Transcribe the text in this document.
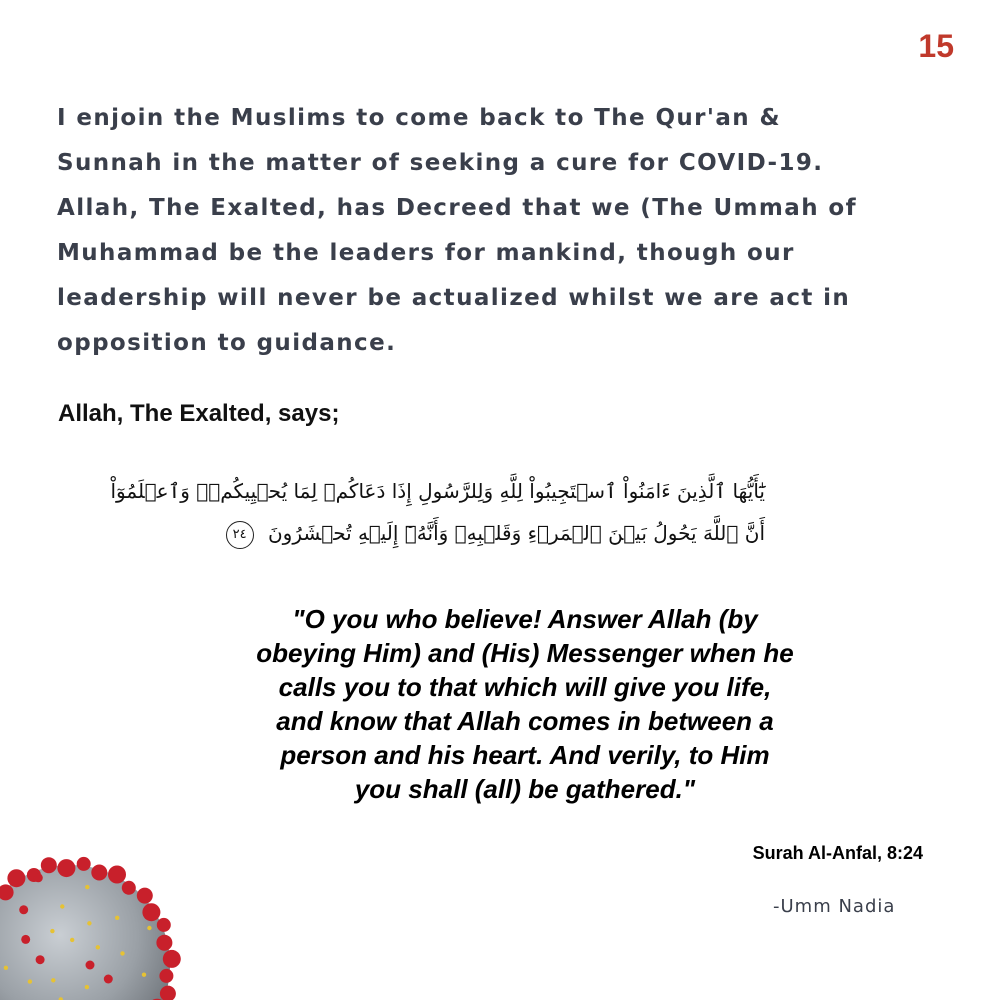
15
I enjoin the Muslims to come back to The Qur'an &
Sunnah in the matter of seeking a cure for COVID-19.
Allah, The Exalted, has Decreed that we (The Ummah of
Muhammad be the leaders for mankind, though our
leadership will never be actualized whilst we are act in
opposition to guidance.
Allah, The Exalted, says;
يَٰٓأَيُّهَا ٱلَّذِينَ ءَامَنُواْ ٱسۡتَجِيبُواْ لِلَّهِ وَلِلرَّسُولِ إِذَا دَعَاكُمۡ لِمَا يُحۡيِيكُمۡۖ وَٱعۡلَمُوٓاْ
أَنَّ ٱللَّهَ يَحُولُ بَيۡنَ ٱلۡمَرۡءِ وَقَلۡبِهِۦ وَأَنَّهُۥٓ إِلَيۡهِ تُحۡشَرُونَ ٢٤
"O you who believe! Answer Allah (by
obeying Him) and (His) Messenger when he
calls you to that which will give you life,
and know that Allah comes in between a
person and his heart. And verily, to Him
you shall (all) be gathered."
Surah Al-Anfal, 8:24
-Umm Nadia
